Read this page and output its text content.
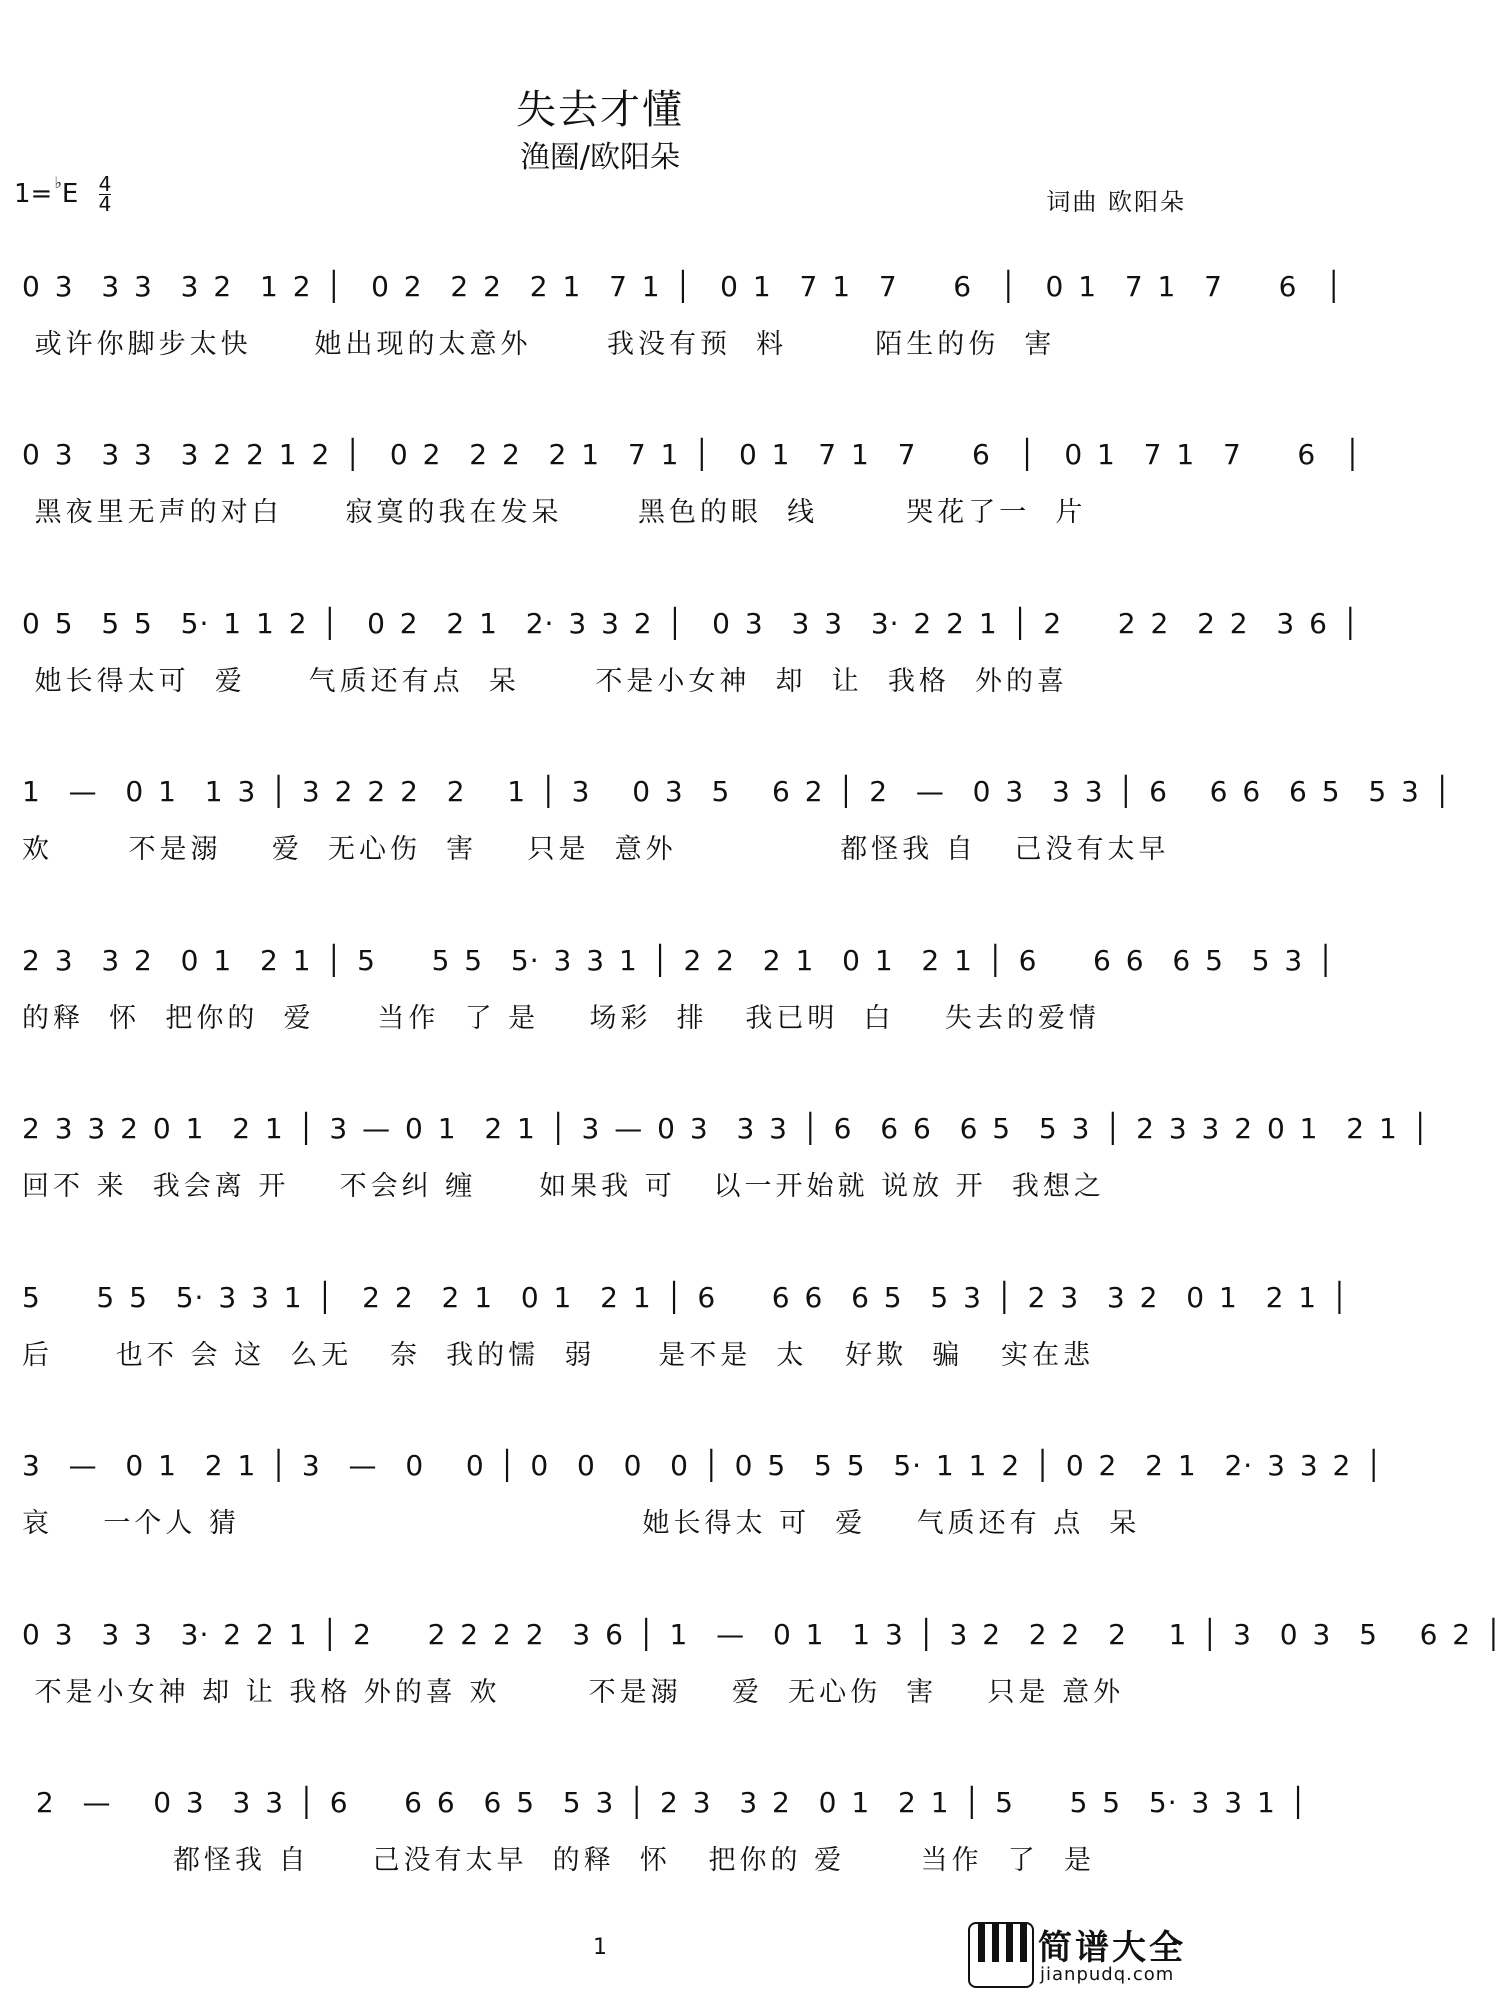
失去才懂
渔圈/欧阳朵
$1= ^♭E \frac{4}{4}$	词曲 欧阳朵
0 3  3 3  3 2  1 2 │  0 2  2 2  2 1  7 1 │  0 1  7 1  7    6  │  0 1  7 1  7    6  │
或许你脚步太快     她出现的太意外      我没有预  料       陌生的伤  害
0 3  3 3  3 2 2 1 2 │  0 2  2 2  2 1  7 1 │  0 1  7 1  7    6  │  0 1  7 1  7    6  │
黑夜里无声的对白     寂寞的我在发呆      黑色的眼  线       哭花了一  片
0 5  5 5  5· 1 1 2 │  0 2  2 1  2· 3 3 2 │  0 3  3 3  3· 2 2 1 │ 2    2 2  2 2  3 6 │
她长得太可  爱     气质还有点  呆      不是小女神  却  让  我格  外的喜
1  —  0 1  1 3 │ 3 2 2 2  2   1 │ 3   0 3  5   6 2 │ 2  —  0 3  3 3 │ 6   6 6  6 5  5 3 │
欢      不是溺    爱  无心伤  害    只是  意外             都怪我 自   己没有太早
2 3  3 2  0 1  2 1 │ 5    5 5  5· 3 3 1 │ 2 2  2 1  0 1  2 1 │ 6    6 6  6 5  5 3 │
的释  怀  把你的  爱     当作  了 是    场彩  排   我已明  白    失去的爱情
2 3 3 2 0 1  2 1 │ 3 — 0 1  2 1 │ 3 — 0 3  3 3 │ 6  6 6  6 5  5 3 │ 2 3 3 2 0 1  2 1 │
回不 来  我会离 开    不会纠 缠     如果我 可   以一开始就 说放 开  我想之
5    5 5  5· 3 3 1 │  2 2  2 1  0 1  2 1 │ 6    6 6  6 5  5 3 │ 2 3  3 2  0 1  2 1 │
后     也不 会 这  么无   奈  我的懦  弱     是不是  太   好欺  骗   实在悲
3  —  0 1  2 1 │ 3  —  0   0 │ 0  0  0  0 │ 0 5  5 5  5· 1 1 2 │ 0 2  2 1  2· 3 3 2 │
哀    一个人 猜                                她长得太 可  爱    气质还有 点  呆
0 3  3 3  3· 2 2 1 │ 2    2 2 2 2  3 6 │ 1  —  0 1  1 3 │ 3 2  2 2  2   1 │ 3  0 3  5   6 2 │
不是小女神 却 让 我格 外的喜 欢       不是溺    爱  无心伤  害    只是 意外
2  —   0 3  3 3 │ 6    6 6  6 5  5 3 │ 2 3  3 2  0 1  2 1 │ 5    5 5  5· 3 3 1 │
都怪我 自     己没有太早  的释  怀   把你的 爱      当作  了  是
1	简谱大全
jianpudq.com
